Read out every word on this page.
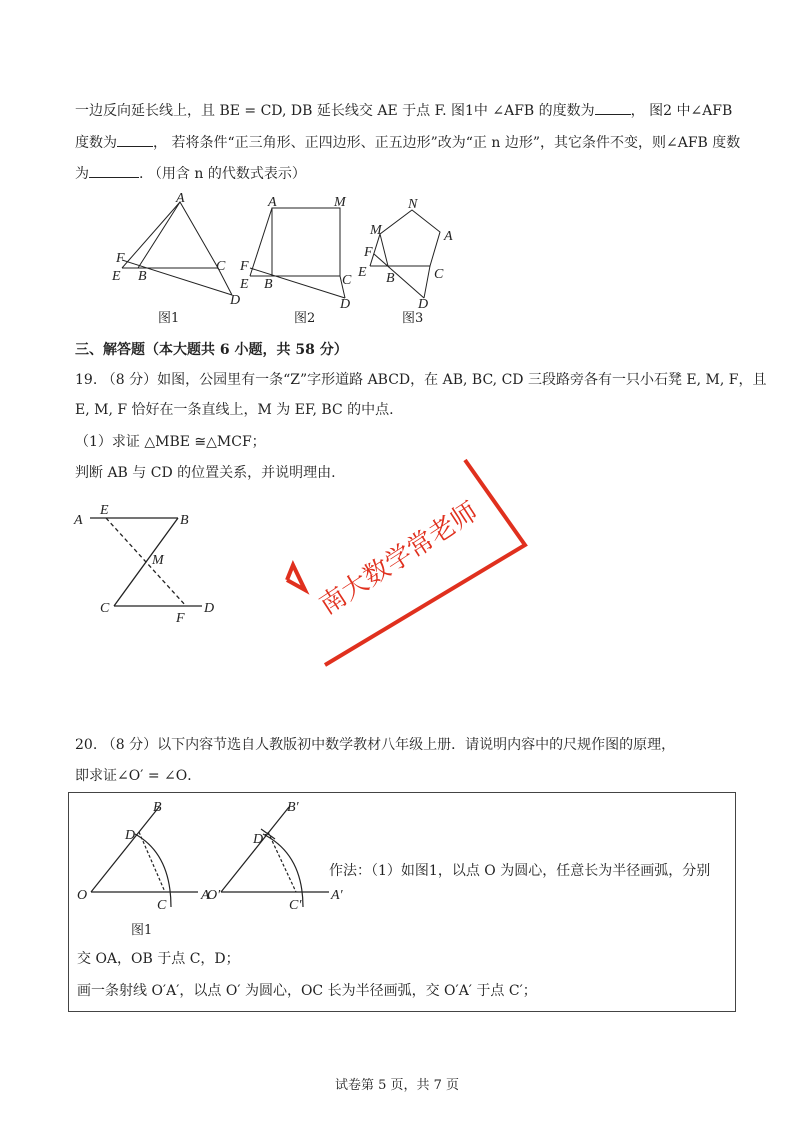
一边反向延长线上，且 BE = CD, DB 延长线交 AE 于点 F. 图1中 ∠AFB 的度数为	， 图2 中∠AFB
度数为	， 若将条件“正三角形、正四边形、正五边形”改为“正 n 边形”，其它条件不变，则∠AFB 度数
为	. （用含 n 的代数式表示）
A
B
C
D
E
F
图1
A	M
B	C
D
E
F
图2
N
A
M
F
E B	C
D
图3
三、解答题（本大题共 6 小题，共 58 分）
19. （8 分）如图，公园里有一条“Z”字形道路 ABCD，在 AB, BC, CD 三段路旁各有一只小石凳 E, M, F，且
E, M, F 恰好在一条直线上，M 为 EF, BC 的中点.
（1）求证 △MBE ≅△MCF；
判断 AB 与 CD 的位置关系，并说明理由.
A
E
B
M
C
F
D	南大数学常老师
20. （8 分）以下内容节选自人教版初中数学教材八年级上册．请说明内容中的尺规作图的原理，
即求证∠O′ = ∠O．
B
D
O
C
A
B′
D′
O′
C′
A′
图1
作法：（1）如图1，以点 O 为圆心，任意长为半径画弧，分别
交 OA，OB 于点 C，D；
画一条射线 O′A′，以点 O′ 为圆心，OC 长为半径画弧，交 O′A′ 于点 C′；
试卷第 5 页，共 7 页
